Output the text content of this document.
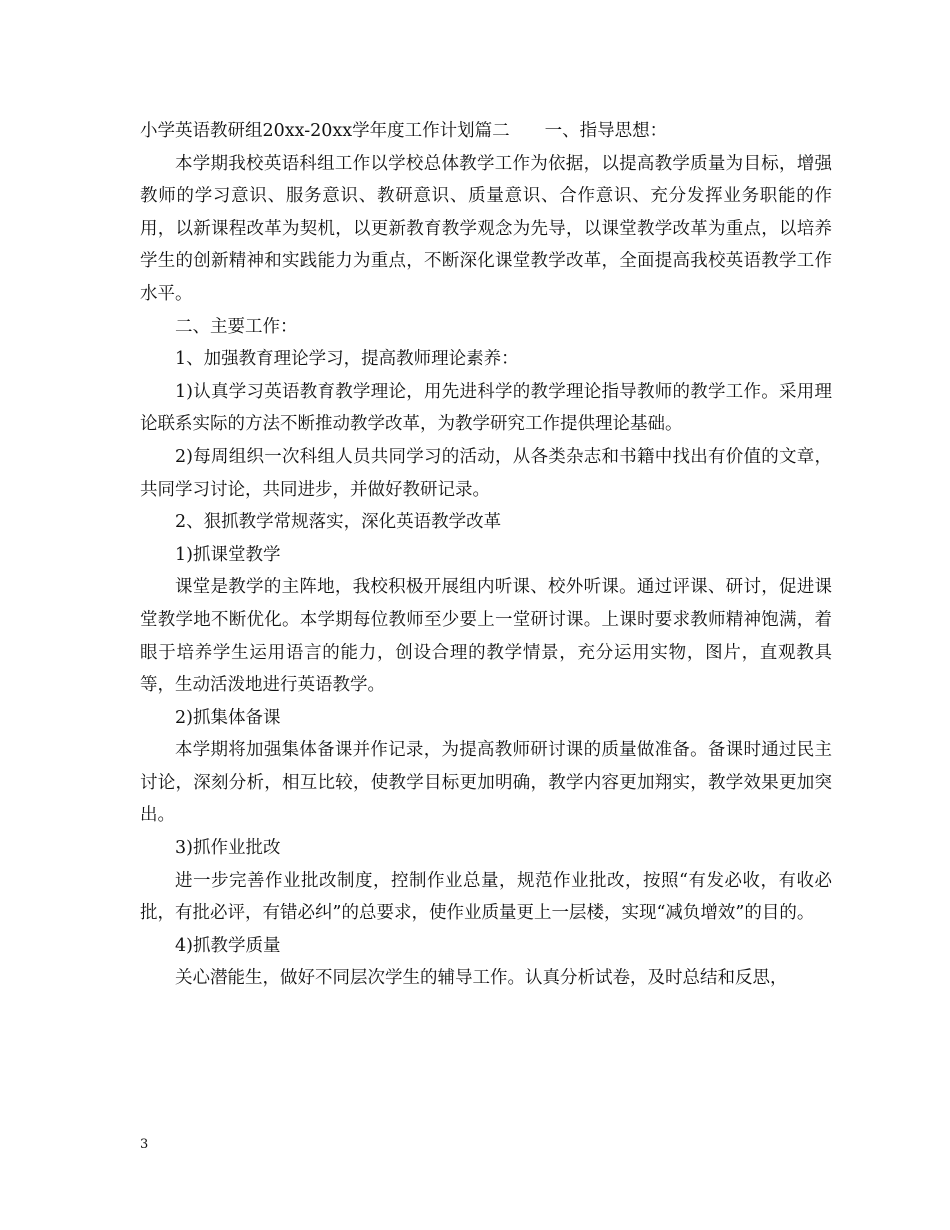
小学英语教研组20xx-20xx学年度工作计划篇二　　一、指导思想：

本学期我校英语科组工作以学校总体教学工作为依据，以提高教学质量为目标，增强教师的学习意识、服务意识、教研意识、质量意识、合作意识、充分发挥业务职能的作用，以新课程改革为契机，以更新教育教学观念为先导，以课堂教学改革为重点，以培养学生的创新精神和实践能力为重点，不断深化课堂教学改革，全面提高我校英语教学工作水平。

二、主要工作：

1、加强教育理论学习，提高教师理论素养：

1)认真学习英语教育教学理论，用先进科学的教学理论指导教师的教学工作。采用理论联系实际的方法不断推动教学改革，为教学研究工作提供理论基础。

2)每周组织一次科组人员共同学习的活动，从各类杂志和书籍中找出有价值的文章，共同学习讨论，共同进步，并做好教研记录。

2、狠抓教学常规落实，深化英语教学改革

1)抓课堂教学

课堂是教学的主阵地，我校积极开展组内听课、校外听课。通过评课、研讨，促进课堂教学地不断优化。本学期每位教师至少要上一堂研讨课。上课时要求教师精神饱满，着眼于培养学生运用语言的能力，创设合理的教学情景，充分运用实物，图片，直观教具等，生动活泼地进行英语教学。

2)抓集体备课

本学期将加强集体备课并作记录，为提高教师研讨课的质量做准备。备课时通过民主讨论，深刻分析，相互比较，使教学目标更加明确，教学内容更加翔实，教学效果更加突出。

3)抓作业批改

进一步完善作业批改制度，控制作业总量，规范作业批改，按照“有发必收，有收必批，有批必评，有错必纠”的总要求，使作业质量更上一层楼，实现“减负增效”的目的。

4)抓教学质量

关心潜能生，做好不同层次学生的辅导工作。认真分析试卷，及时总结和反思，

3
